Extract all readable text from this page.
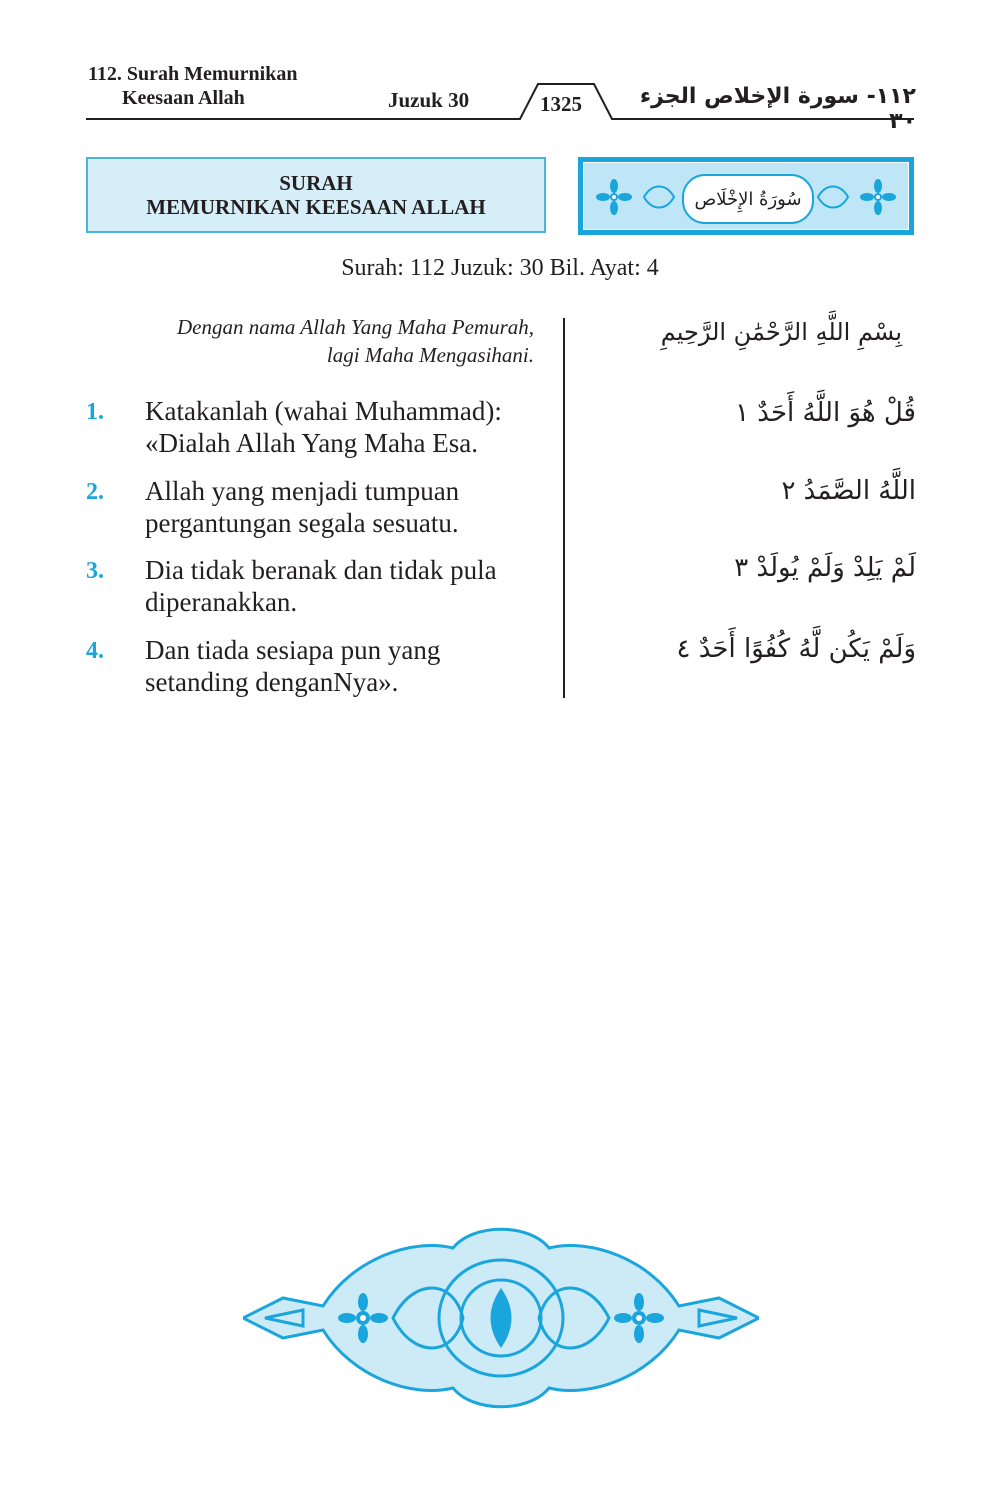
112. Surah Memurnikan
Keesaan Allah	Juzuk 30	1325	١١٢- سورة الإخلاص الجزء ٣٠
SURAH
MEMURNIKAN KEESAAN ALLAH	سُورَةُ الإِخْلَاص
Surah: 112 Juzuk: 30 Bil. Ayat: 4
Dengan nama Allah Yang Maha Pemurah,
lagi Maha Mengasihani.
بِسْمِ اللَّهِ الرَّحْمَٰنِ الرَّحِيمِ
1.	Katakanlah (wahai Muhammad):
«Dialah Allah Yang Maha Esa.
قُلْ هُوَ اللَّهُ أَحَدٌ ١
2.	Allah yang menjadi tumpuan
pergantungan segala sesuatu.
اللَّهُ الصَّمَدُ ٢
3.	Dia tidak beranak dan tidak pula
diperanakkan.
لَمْ يَلِدْ وَلَمْ يُولَدْ ٣
4.	Dan tiada sesiapa pun yang
setanding denganNya».
وَلَمْ يَكُن لَّهُ كُفُوًا أَحَدٌ ٤
